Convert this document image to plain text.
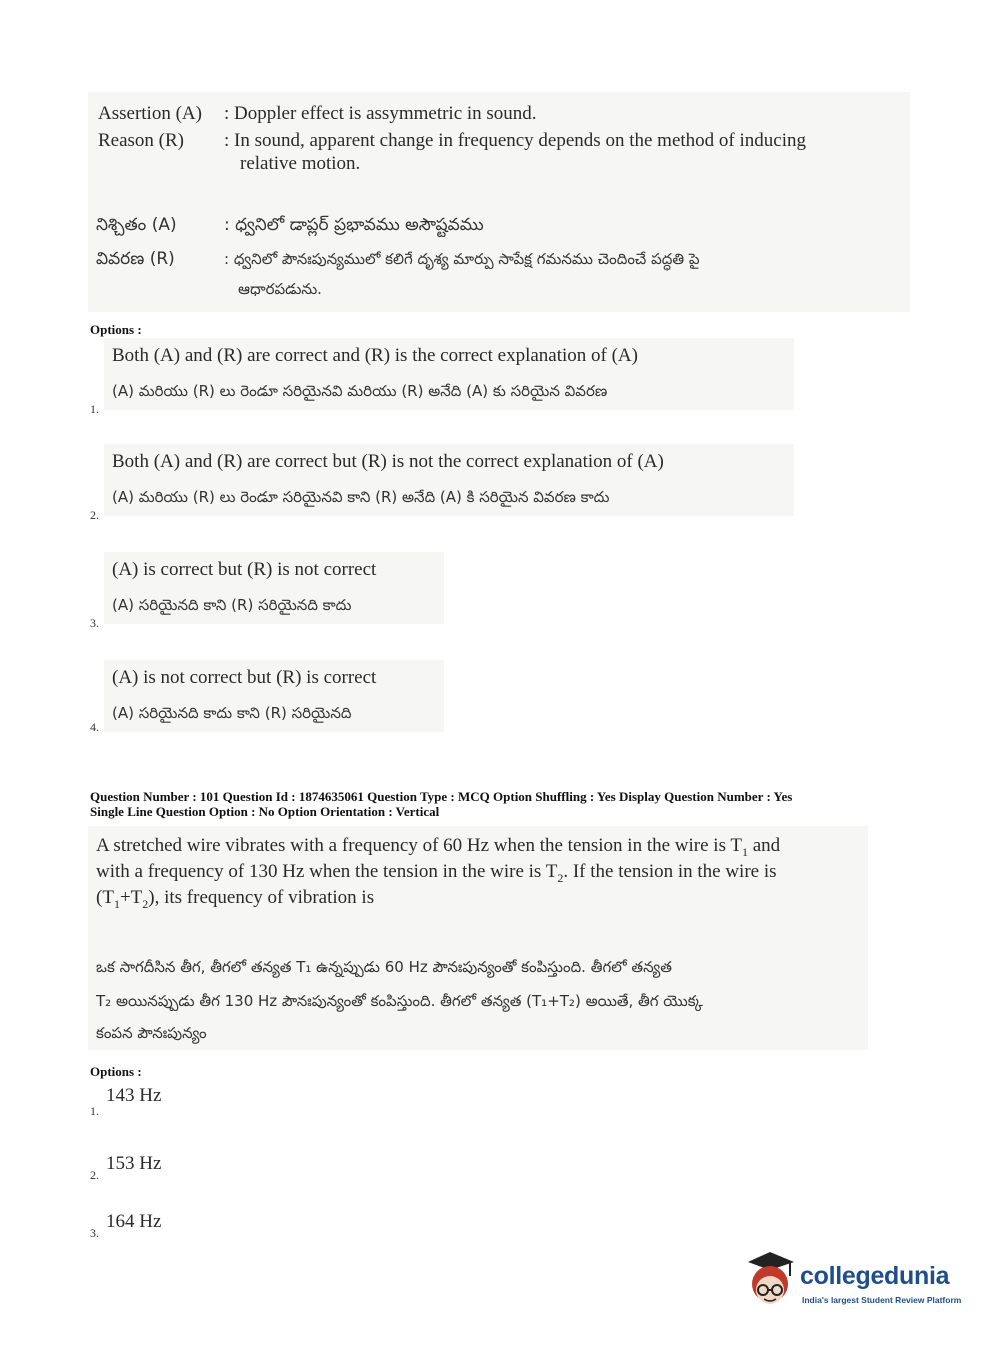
Assertion (A) : Doppler effect is assymmetric in sound.
Reason (R) : In sound, apparent change in frequency depends on the method of inducing
relative motion.
నిశ్చితం (A)	: ధ్వనిలో డాప్లర్ ప్రభావము అసౌష్టవము
వివరణ (R)	: ధ్వనిలో పౌనఃపున్యములో కలిగే దృశ్య మార్పు సాపేక్ష గమనము చెందించే పద్ధతి పై
ఆధారపడును.
Options :
Both (A) and (R) are correct and (R) is the correct explanation of (A)
(A) మరియు (R) లు రెండూ సరియైనవి మరియు (R) అనేది (A) కు సరియైన వివరణ
1.
Both (A) and (R) are correct but (R) is not the correct explanation of (A)
(A) మరియు (R) లు రెండూ సరియైనవి కాని (R) అనేది (A) కి సరియైన వివరణ కాదు
2.
(A) is correct but (R) is not correct
(A) సరియైనది కాని (R) సరియైనది కాదు
3.
(A) is not correct but (R) is correct
(A) సరియైనది కాదు కాని (R) సరియైనది
4.
Question Number : 101 Question Id : 1874635061 Question Type : MCQ Option Shuffling : Yes Display Question Number : Yes
Single Line Question Option : No Option Orientation : Vertical
A stretched wire vibrates with a frequency of 60 Hz when the tension in the wire is $T_1$ and
with a frequency of 130 Hz when the tension in the wire is $T_2$. If the tension in the wire is
$(T_1+T_2)$, its frequency of vibration is
ఒక సాగదీసిన తీగ, తీగలో తన్యత T₁ ఉన్నప్పుడు 60 Hz పౌనఃపున్యంతో కంపిస్తుంది. తీగలో తన్యత
T₂ అయినప్పుడు తీగ 130 Hz పౌనఃపున్యంతో కంపిస్తుంది. తీగలో తన్యత (T₁+T₂) అయితే, తీగ యొక్క
కంపన పౌనఃపున్యం
Options :
143 Hz
1.
153 Hz
2.
164 Hz
3.
collegedunia
India's largest Student Review Platform
